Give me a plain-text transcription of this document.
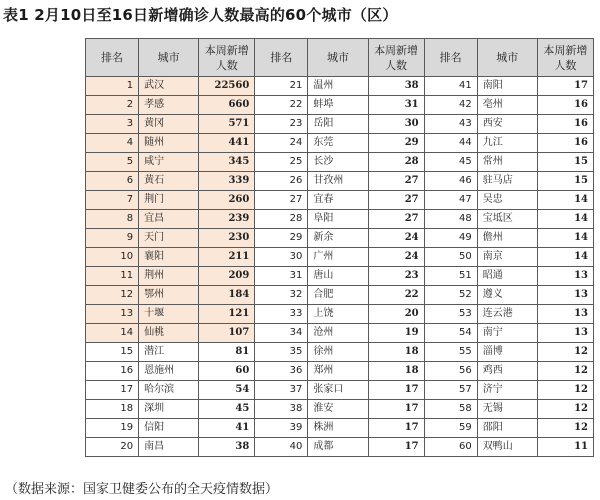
表1 2月10日至16日新增确诊人数最高的60个城市（区）
排名	城市	本周新增人数	排名	城市	本周新增人数	排名	城市	本周新增人数
1	武汉	22560	21	温州	38	41	南阳	17
2	孝感	660	22	蚌埠	31	42	亳州	16
3	黄冈	571	23	岳阳	30	43	西安	16
4	随州	441	24	东莞	29	44	九江	16
5	咸宁	345	25	长沙	28	45	常州	15
6	黄石	339	26	甘孜州	27	46	驻马店	15
7	荆门	260	27	宜春	27	47	吴忠	14
8	宜昌	239	28	阜阳	27	48	宝坻区	14
9	天门	230	29	新余	24	49	儋州	14
10	襄阳	211	30	广州	24	50	南京	14
11	荆州	209	31	唐山	23	51	昭通	13
12	鄂州	184	32	合肥	22	52	遵义	13
13	十堰	121	33	上饶	20	53	连云港	13
14	仙桃	107	34	沧州	19	54	南宁	13
15	潜江	81	35	徐州	18	55	淄博	12
16	恩施州	60	36	郑州	18	56	鸡西	12
17	哈尔滨	54	37	张家口	17	57	济宁	12
18	深圳	45	38	淮安	17	58	无锡	12
19	信阳	41	39	株洲	17	59	邵阳	12
20	南昌	38	40	成都	17	60	双鸭山	11
（数据来源：国家卫健委公布的全天疫情数据）
